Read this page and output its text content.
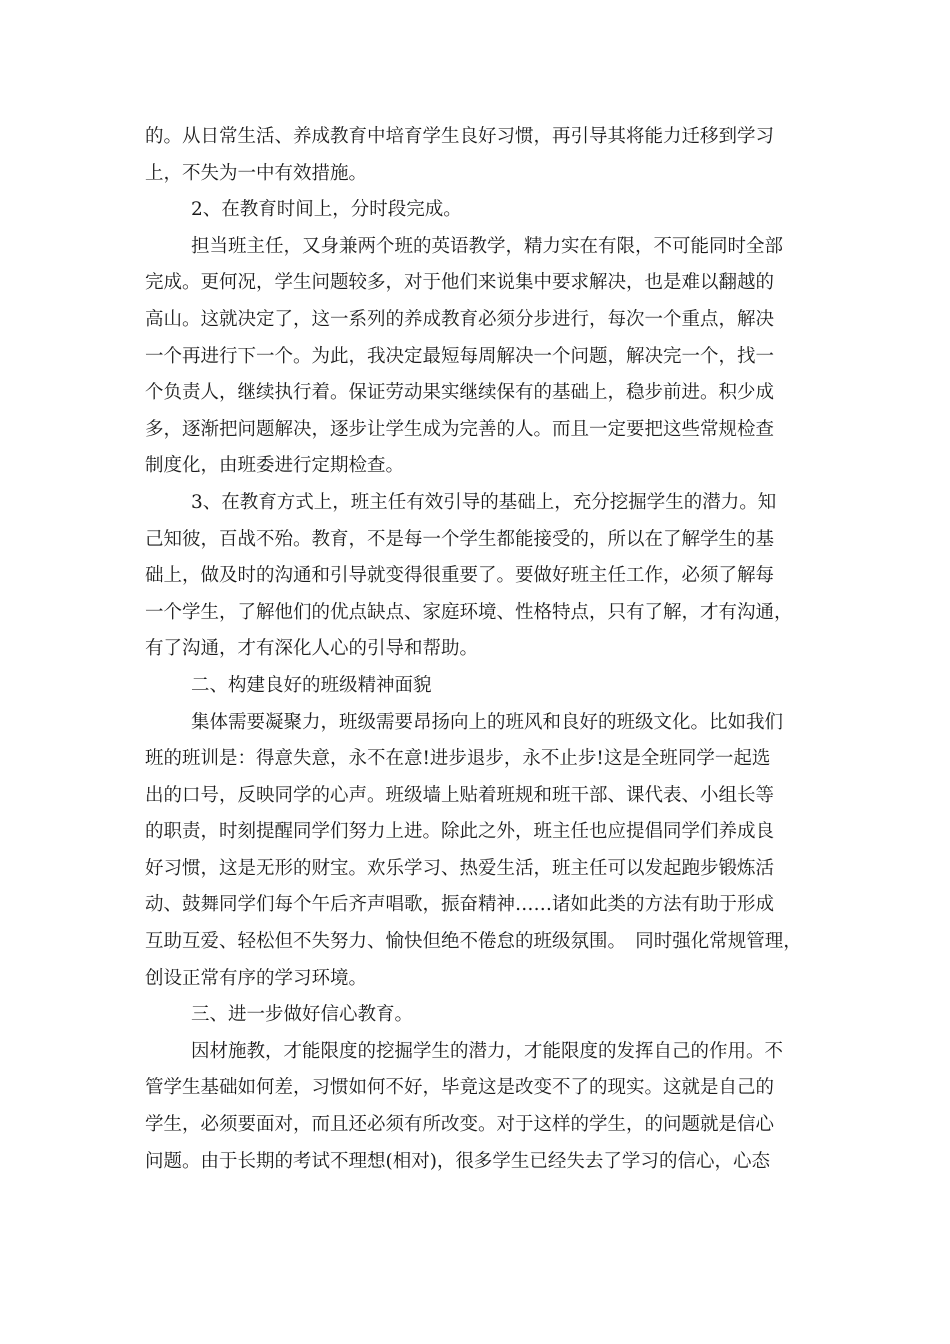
的。从日常生活、养成教育中培育学生良好习惯，再引导其将能力迁移到学习
上，不失为一中有效措施。
2、在教育时间上，分时段完成。
担当班主任，又身兼两个班的英语教学，精力实在有限，不可能同时全部
完成。更何况，学生问题较多，对于他们来说集中要求解决，也是难以翻越的
高山。这就决定了，这一系列的养成教育必须分步进行，每次一个重点，解决
一个再进行下一个。为此，我决定最短每周解决一个问题，解决完一个，找一
个负责人，继续执行着。保证劳动果实继续保有的基础上，稳步前进。积少成
多，逐渐把问题解决，逐步让学生成为完善的人。而且一定要把这些常规检查
制度化，由班委进行定期检查。
3、在教育方式上，班主任有效引导的基础上，充分挖掘学生的潜力。知
己知彼，百战不殆。教育，不是每一个学生都能接受的，所以在了解学生的基
础上，做及时的沟通和引导就变得很重要了。要做好班主任工作，必须了解每
一个学生，了解他们的优点缺点、家庭环境、性格特点，只有了解，才有沟通，
有了沟通，才有深化人心的引导和帮助。
二、构建良好的班级精神面貌
集体需要凝聚力，班级需要昂扬向上的班风和良好的班级文化。比如我们
班的班训是：得意失意，永不在意!进步退步，永不止步!这是全班同学一起选
出的口号，反映同学的心声。班级墙上贴着班规和班干部、课代表、小组长等
的职责，时刻提醒同学们努力上进。除此之外，班主任也应提倡同学们养成良
好习惯，这是无形的财宝。欢乐学习、热爱生活，班主任可以发起跑步锻炼活
动、鼓舞同学们每个午后齐声唱歌，振奋精神……诸如此类的方法有助于形成
互助互爱、轻松但不失努力、愉快但绝不倦怠的班级氛围。　同时强化常规管理，
创设正常有序的学习环境。
三、进一步做好信心教育。
因材施教，才能限度的挖掘学生的潜力，才能限度的发挥自己的作用。不
管学生基础如何差，习惯如何不好，毕竟这是改变不了的现实。这就是自己的
学生，必须要面对，而且还必须有所改变。对于这样的学生，的问题就是信心
问题。由于长期的考试不理想(相对)，很多学生已经失去了学习的信心，心态
